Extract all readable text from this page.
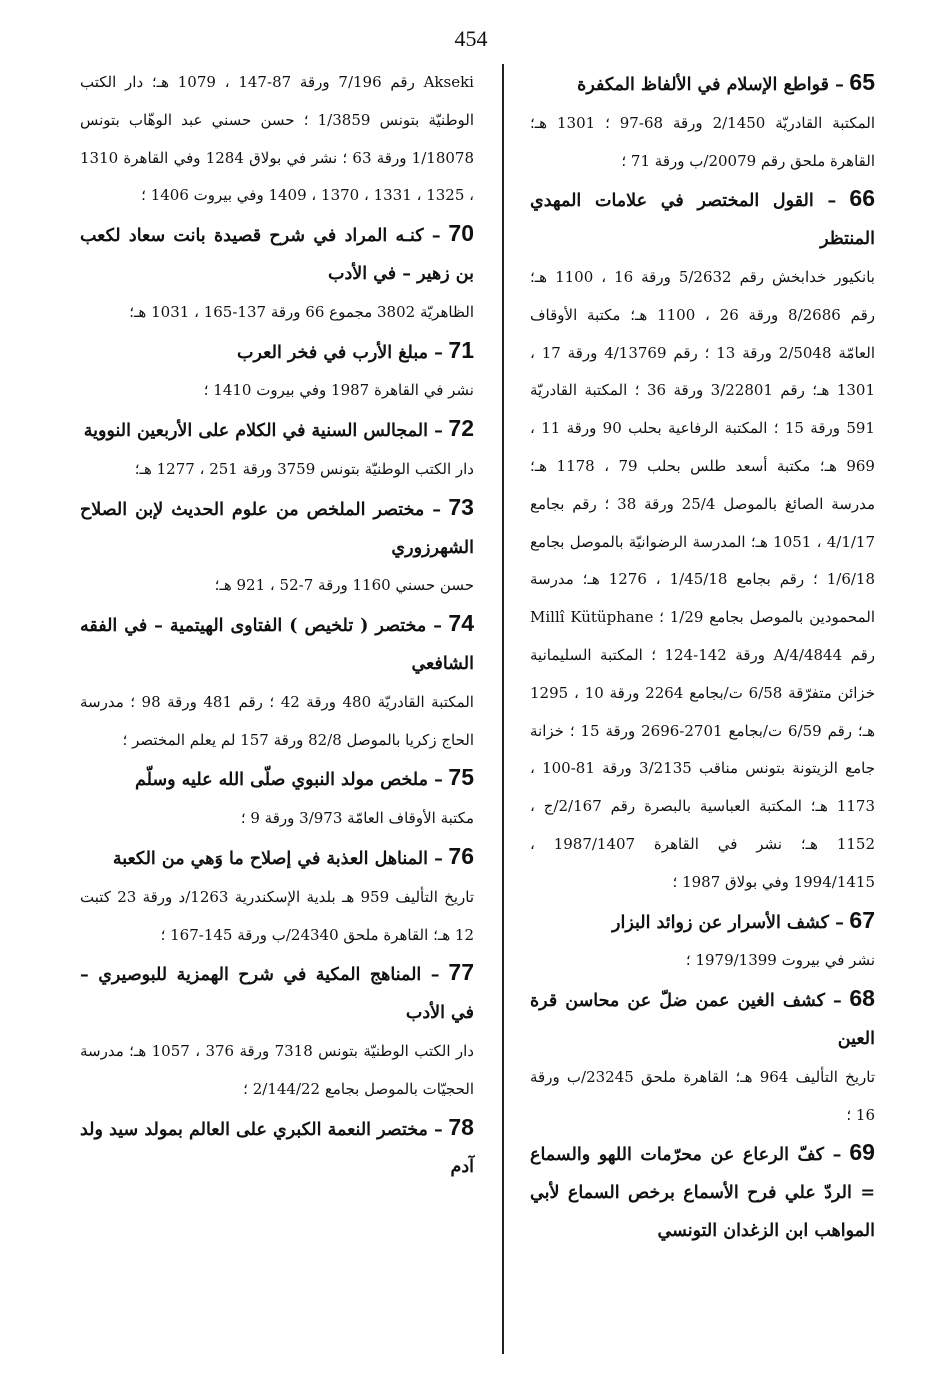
454

65 – قواطع الإسلام في الألفاظ المكفرة

المكتبة القادريّة 2/1450 ورقة 68-97 ؛ 1301 هـ؛ القاهرة ملحق رقم 20079/ب ورقة 71 ؛

66 – القول المختصر في علامات المهدي المنتظر

بانكيور خدابخش رقم 5/2632 ورقة 16 ، 1100 هـ؛ رقم 8/2686 ورقة 26 ، 1100 هـ؛ مكتبة الأوقاف العامّة 2/5048 ورقة 13 ؛ رقم 4/13769 ورقة 17 ، 1301 هـ؛ رقم 3/22801 ورقة 36 ؛ المكتبة القادريّة 591 ورقة 15 ؛ المكتبة الرفاعية بحلب 90 ورقة 11 ، 969 هـ؛ مكتبة أسعد طلس بحلب 79 ، 1178 هـ؛ مدرسة الصائغ بالموصل 25/4 ورقة 38 ؛ رقم بجامع 4/1/17 ، 1051 هـ؛ المدرسة الرضوانيّة بالموصل بجامع 1/6/18 ؛ رقم بجامع 1/45/18 ، 1276 هـ؛ مدرسة المحمودين بالموصل بجامع 1/29 ؛ Millî Kütüphane رقم 4/4844/A ورقة 142-124 ؛ المكتبة السليمانية خزائن متفرّقة 6/58 ت/بجامع 2264 ورقة 10 ، 1295 هـ؛ رقم 6/59 ت/بجامع 2701-2696 ورقة 15 ؛ خزانة جامع الزيتونة بتونس مناقب 3/2135 ورقة 81-100 ، 1173 هـ؛ المكتبة العباسية بالبصرة رقم 2/167/ج ، 1152 هـ؛ نشر في القاهرة 1987/1407 ، 1994/1415 وفي بولاق 1987 ؛

67 – كشف الأسرار عن زوائد البزار

نشر في بيروت 1979/1399 ؛

68 – كشف الغين عمن ضلّ عن محاسن قرة العين

تاريخ التأليف 964 هـ؛ القاهرة ملحق 23245/ب ورقة 16 ؛

69 – كفّ الرعاع عن محرّمات اللهو والسماع = الردّ علي فرح الأسماع برخص السماع لأبي المواهب ابن الزغدان التونسي

Akseki رقم 7/196 ورقة 87-147 ، 1079 هـ؛ دار الكتب الوطنيّة بتونس 1/3859 ؛ حسن حسني عبد الوهّاب بتونس 1/18078 ورقة 63 ؛ نشر في بولاق 1284 وفي القاهرة 1310 ، 1325 ، 1331 ، 1370 ، 1409 وفي بيروت 1406 ؛

70 – كنـه المراد في شرح قصيدة بانت سعاد لكعب بن زهير – في الأدب

الظاهريّة 3802 مجموع 66 ورقة 137-165 ، 1031 هـ؛

71 – مبلغ الأرب في فخر العرب

نشر في القاهرة 1987 وفي بيروت 1410 ؛

72 – المجالس السنية في الكلام على الأربعين النووية

دار الكتب الوطنيّة بتونس 3759 ورقة 251 ، 1277 هـ؛

73 – مختصر الملخص من علوم الحديث لإبن الصلاح الشهرزوري

حسن حسني 1160 ورقة 7-52 ، 921 هـ؛

74 – مختصر ( تلخيص ) الفتاوى الهيتمية – في الفقه الشافعي

المكتبة القادريّة 480 ورقة 42 ؛ رقم 481 ورقة 98 ؛ مدرسة الحاج زكريا بالموصل 82/8 ورقة 157 لم يعلم المختصر ؛

75 – ملخص مولد النبوي صلّى الله عليه وسلّم

مكتبة الأوقاف العامّة 3/973 ورقة 9 ؛

76 – المناهل العذبة في إصلاح ما وَهي من الكعبة

تاريخ التأليف 959 هـ بلدية الإسكندرية 1263/د ورقة 23 كتبت 12 هـ؛ القاهرة ملحق 24340/ب ورقة 145-167 ؛

77 – المناهج المكية في شرح الهمزية للبوصيري – في الأدب

دار الكتب الوطنيّة بتونس 7318 ورقة 376 ، 1057 هـ؛ مدرسة الحجيّات بالموصل بجامع 2/144/22 ؛

78 – مختصر النعمة الكبري على العالم بمولد سيد ولد آدم
